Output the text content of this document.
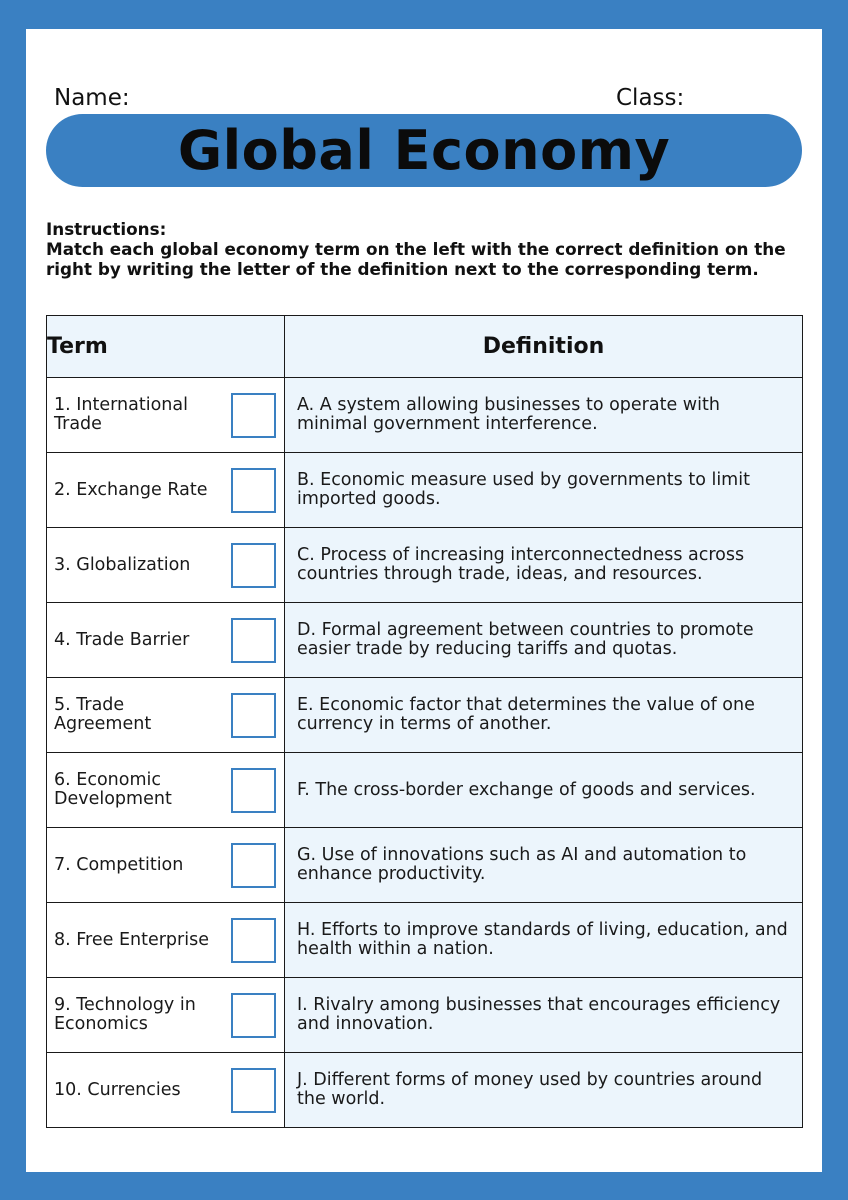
Name:	Class:
Global Economy
Instructions:
Match each global economy term on the left with the correct definition on the
right by writing the letter of the definition next to the corresponding term.
Term	Definition

1. International Trade	A. A system allowing businesses to operate with minimal government interference.

2. Exchange Rate	B. Economic measure used by governments to limit imported goods.

3. Globalization	C. Process of increasing interconnectedness across countries through trade, ideas, and resources.

4. Trade Barrier	D. Formal agreement between countries to promote easier trade by reducing tariffs and quotas.

5. Trade Agreement	E. Economic factor that determines the value of one currency in terms of another.

6. Economic Development	F. The cross-border exchange of goods and services.

7. Competition	G. Use of innovations such as AI and automation to enhance productivity.

8. Free Enterprise	H. Efforts to improve standards of living, education, and health within a nation.

9. Technology in Economics	I. Rivalry among businesses that encourages efficiency and innovation.

10. Currencies	J. Different forms of money used by countries around the world.
